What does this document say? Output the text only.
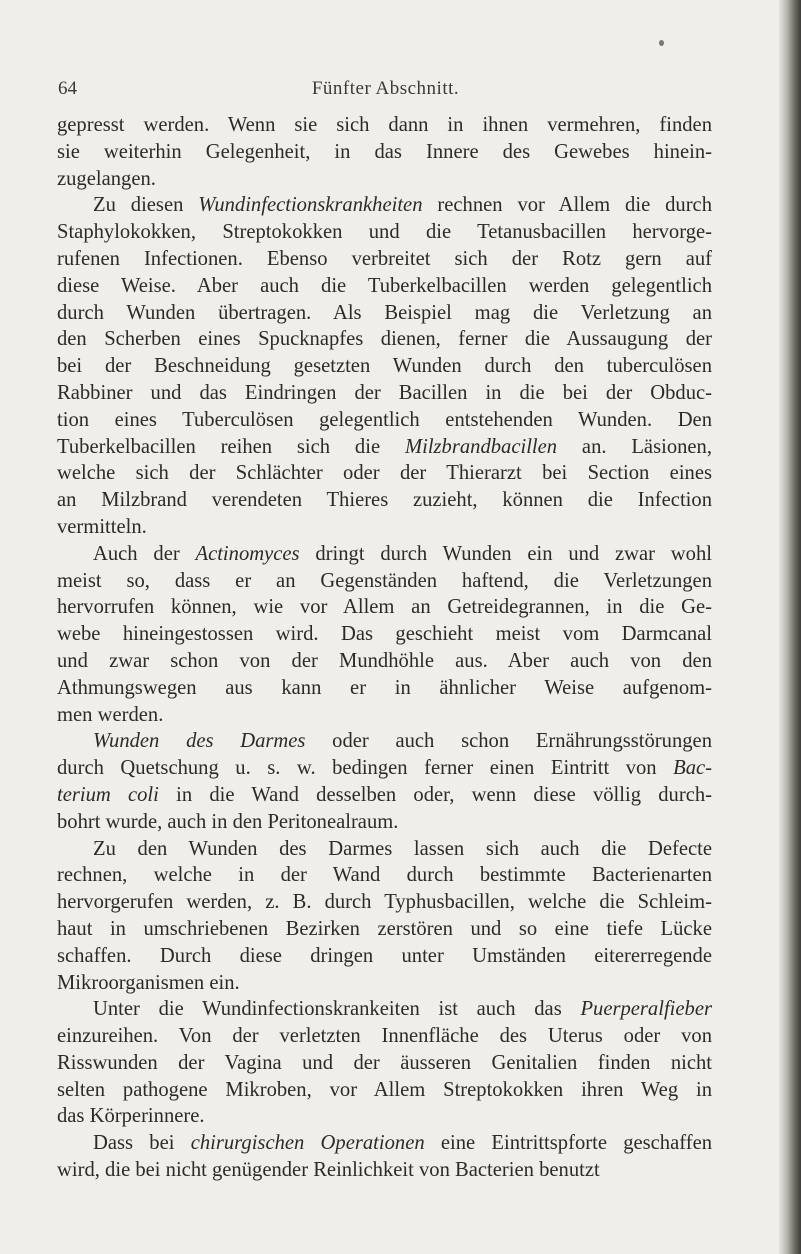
64	Fünfter Abschnitt.
gepresst werden. Wenn sie sich dann in ihnen vermehren, finden
sie weiterhin Gelegenheit, in das Innere des Gewebes hinein-
zugelangen.
Zu diesen Wundinfectionskrankheiten rechnen vor Allem die durch
Staphylokokken, Streptokokken und die Tetanusbacillen hervorge-
rufenen Infectionen. Ebenso verbreitet sich der Rotz gern auf
diese Weise. Aber auch die Tuberkelbacillen werden gelegentlich
durch Wunden übertragen. Als Beispiel mag die Verletzung an
den Scherben eines Spucknapfes dienen, ferner die Aussaugung der
bei der Beschneidung gesetzten Wunden durch den tuberculösen
Rabbiner und das Eindringen der Bacillen in die bei der Obduc-
tion eines Tuberculösen gelegentlich entstehenden Wunden. Den
Tuberkelbacillen reihen sich die Milzbrandbacillen an. Läsionen,
welche sich der Schlächter oder der Thierarzt bei Section eines
an Milzbrand verendeten Thieres zuzieht, können die Infection
vermitteln.
Auch der Actinomyces dringt durch Wunden ein und zwar wohl
meist so, dass er an Gegenständen haftend, die Verletzungen
hervorrufen können, wie vor Allem an Getreidegrannen, in die Ge-
webe hineingestossen wird. Das geschieht meist vom Darmcanal
und zwar schon von der Mundhöhle aus. Aber auch von den
Athmungswegen aus kann er in ähnlicher Weise aufgenom-
men werden.
Wunden des Darmes oder auch schon Ernährungsstörungen
durch Quetschung u. s. w. bedingen ferner einen Eintritt von Bac-
terium coli in die Wand desselben oder, wenn diese völlig durch-
bohrt wurde, auch in den Peritonealraum.
Zu den Wunden des Darmes lassen sich auch die Defecte
rechnen, welche in der Wand durch bestimmte Bacterienarten
hervorgerufen werden, z. B. durch Typhusbacillen, welche die Schleim-
haut in umschriebenen Bezirken zerstören und so eine tiefe Lücke
schaffen. Durch diese dringen unter Umständen eitererregende
Mikroorganismen ein.
Unter die Wundinfectionskrankeiten ist auch das Puerperalfieber
einzureihen. Von der verletzten Innenfläche des Uterus oder von
Risswunden der Vagina und der äusseren Genitalien finden nicht
selten pathogene Mikroben, vor Allem Streptokokken ihren Weg in
das Körperinnere.
Dass bei chirurgischen Operationen eine Eintrittspforte geschaffen
wird, die bei nicht genügender Reinlichkeit von Bacterien benutzt
